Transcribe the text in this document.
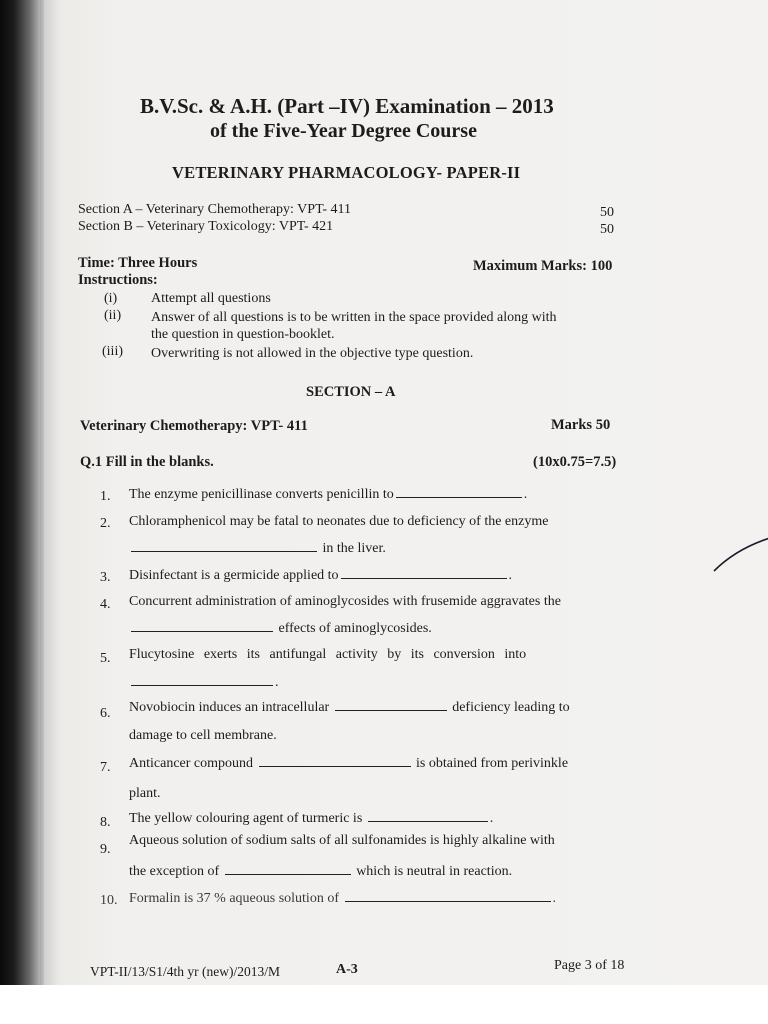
B.V.Sc. & A.H. (Part –IV) Examination – 2013
of the Five-Year Degree Course
VETERINARY PHARMACOLOGY- PAPER-II
Section A – Veterinary Chemotherapy: VPT- 411	50
Section B – Veterinary Toxicology: VPT- 421	50
Time: Three Hours	Maximum Marks: 100
Instructions:
(i) Attempt all questions
(ii) Answer of all questions is to be written in the space provided along with
the question in question-booklet.
(iii) Overwriting is not allowed in the objective type question.
SECTION – A
Veterinary Chemotherapy: VPT- 411	Marks 50
Q.1 Fill in the blanks.	(10x0.75=7.5)
1. The enzyme penicillinase converts penicillin to	.
2. Chloramphenicol may be fatal to neonates due to deficiency of the enzyme
in the liver.
3. Disinfectant is a germicide applied to	.
4. Concurrent administration of aminoglycosides with frusemide aggravates the
effects of aminoglycosides.
5. Flucytosine exerts its antifungal activity by its conversion into
.
6. Novobiocin induces an intracellular	deficiency leading to
damage to cell membrane.
7. Anticancer compound	is obtained from perivinkle
plant.
8. The yellow colouring agent of turmeric is	.
9.
Aqueous solution of sodium salts of all sulfonamides is highly alkaline with
the exception of	which is neutral in reaction.
10. Formalin is 37 % aqueous solution of	.
VPT-II/13/S1/4th yr (new)/2013/M	A-3	Page 3 of 18
